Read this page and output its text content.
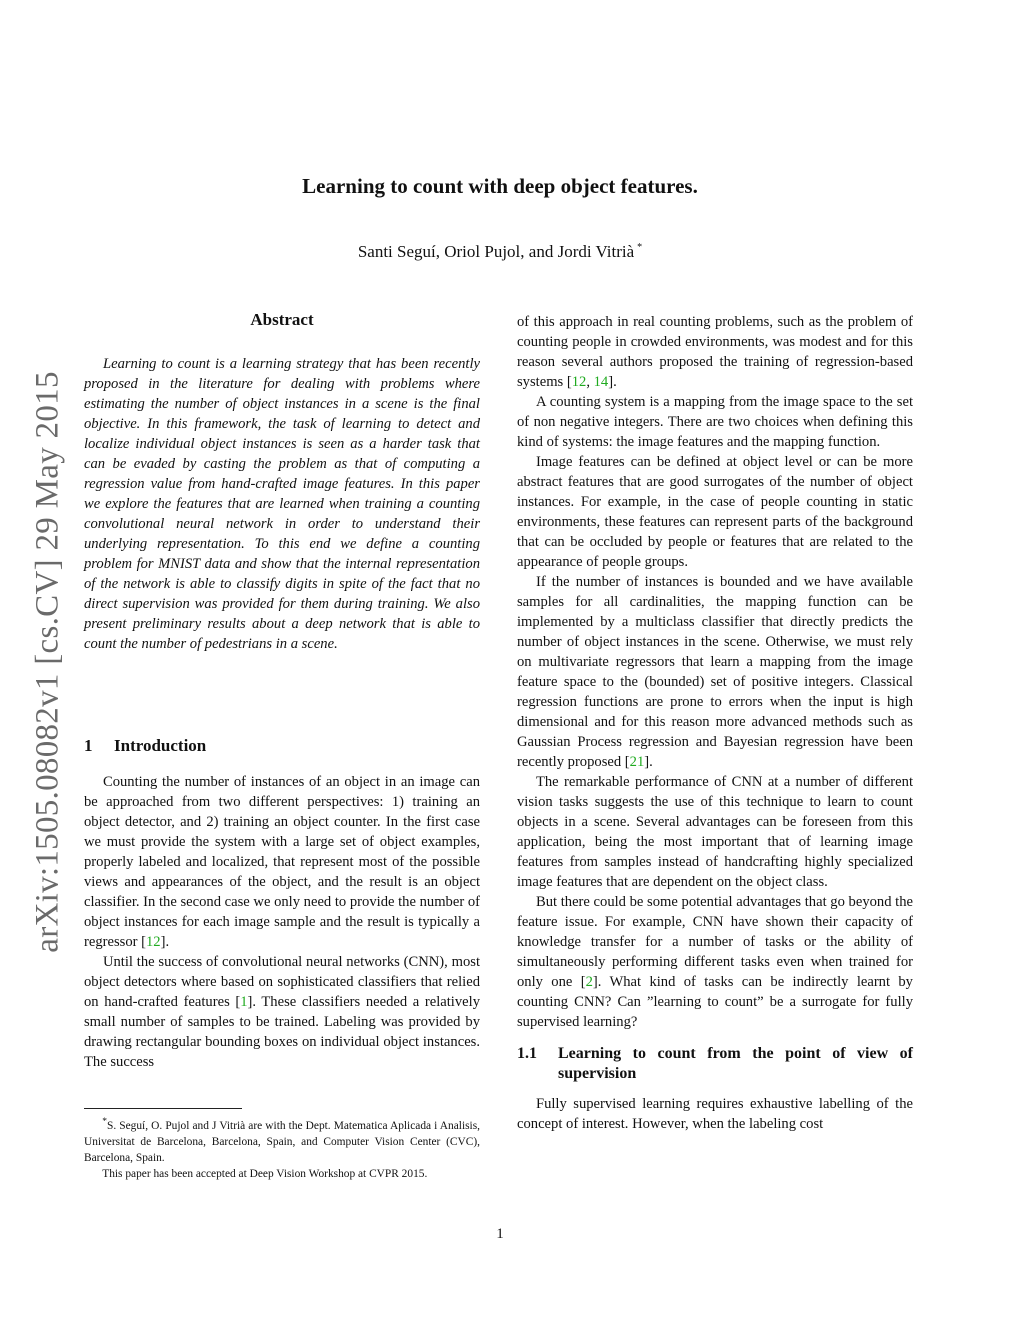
arXiv:1505.08082v1 [cs.CV] 29 May 2015
Learning to count with deep object features.
Santi Seguí, Oriol Pujol, and Jordi Vitrià *
Abstract

Learning to count is a learning strategy that has been recently proposed in the literature for dealing with problems where estimating the number of object instances in a scene is the final objective. In this framework, the task of learning to detect and localize individual object instances is seen as a harder task that can be evaded by casting the problem as that of computing a regression value from hand-crafted image features. In this paper we explore the features that are learned when training a counting convolutional neural network in order to understand their underlying representation. To this end we define a counting problem for MNIST data and show that the internal representation of the network is able to classify digits in spite of the fact that no direct supervision was provided for them during training. We also present preliminary results about a deep network that is able to count the number of pedestrians in a scene.

1 Introduction

Counting the number of instances of an object in an image can be approached from two different perspectives: 1) training an object detector, and 2) training an object counter. In the first case we must provide the system with a large set of object examples, properly labeled and localized, that represent most of the possible views and appearances of the object, and the result is an object classifier. In the second case we only need to provide the number of object instances for each image sample and the result is typically a regressor [12].

Until the success of convolutional neural networks (CNN), most object detectors where based on sophisticated classifiers that relied on hand-crafted features [1]. These classifiers needed a relatively small number of samples to be trained. Labeling was provided by drawing rectangular bounding boxes on individual object instances. The success

*S. Seguí, O. Pujol and J Vitrià are with the Dept. Matematica Aplicada i Analisis, Universitat de Barcelona, Barcelona, Spain, and Computer Vision Center (CVC), Barcelona, Spain.

This paper has been accepted at Deep Vision Workshop at CVPR 2015.

of this approach in real counting problems, such as the problem of counting people in crowded environments, was modest and for this reason several authors proposed the training of regression-based systems [12, 14].

A counting system is a mapping from the image space to the set of non negative integers. There are two choices when defining this kind of systems: the image features and the mapping function.

Image features can be defined at object level or can be more abstract features that are good surrogates of the number of object instances. For example, in the case of people counting in static environments, these features can represent parts of the background that can be occluded by people or features that are related to the appearance of people groups.

If the number of instances is bounded and we have available samples for all cardinalities, the mapping function can be implemented by a multiclass classifier that directly predicts the number of object instances in the scene. Otherwise, we must rely on multivariate regressors that learn a mapping from the image feature space to the (bounded) set of positive integers. Classical regression functions are prone to errors when the input is high dimensional and for this reason more advanced methods such as Gaussian Process regression and Bayesian regression have been recently proposed [21].

The remarkable performance of CNN at a number of different vision tasks suggests the use of this technique to learn to count objects in a scene. Several advantages can be foreseen from this application, being the most important that of learning image features from samples instead of handcrafting highly specialized image features that are dependent on the object class.

But there could be some potential advantages that go beyond the feature issue. For example, CNN have shown their capacity of knowledge transfer for a number of tasks or the ability of simultaneously performing different tasks even when trained for only one [2]. What kind of tasks can be indirectly learnt by counting CNN? Can ”learning to count” be a surrogate for fully supervised learning?

1.1	Learning to count from the point of view of supervision

Fully supervised learning requires exhaustive labelling of the concept of interest. However, when the labeling cost

1
